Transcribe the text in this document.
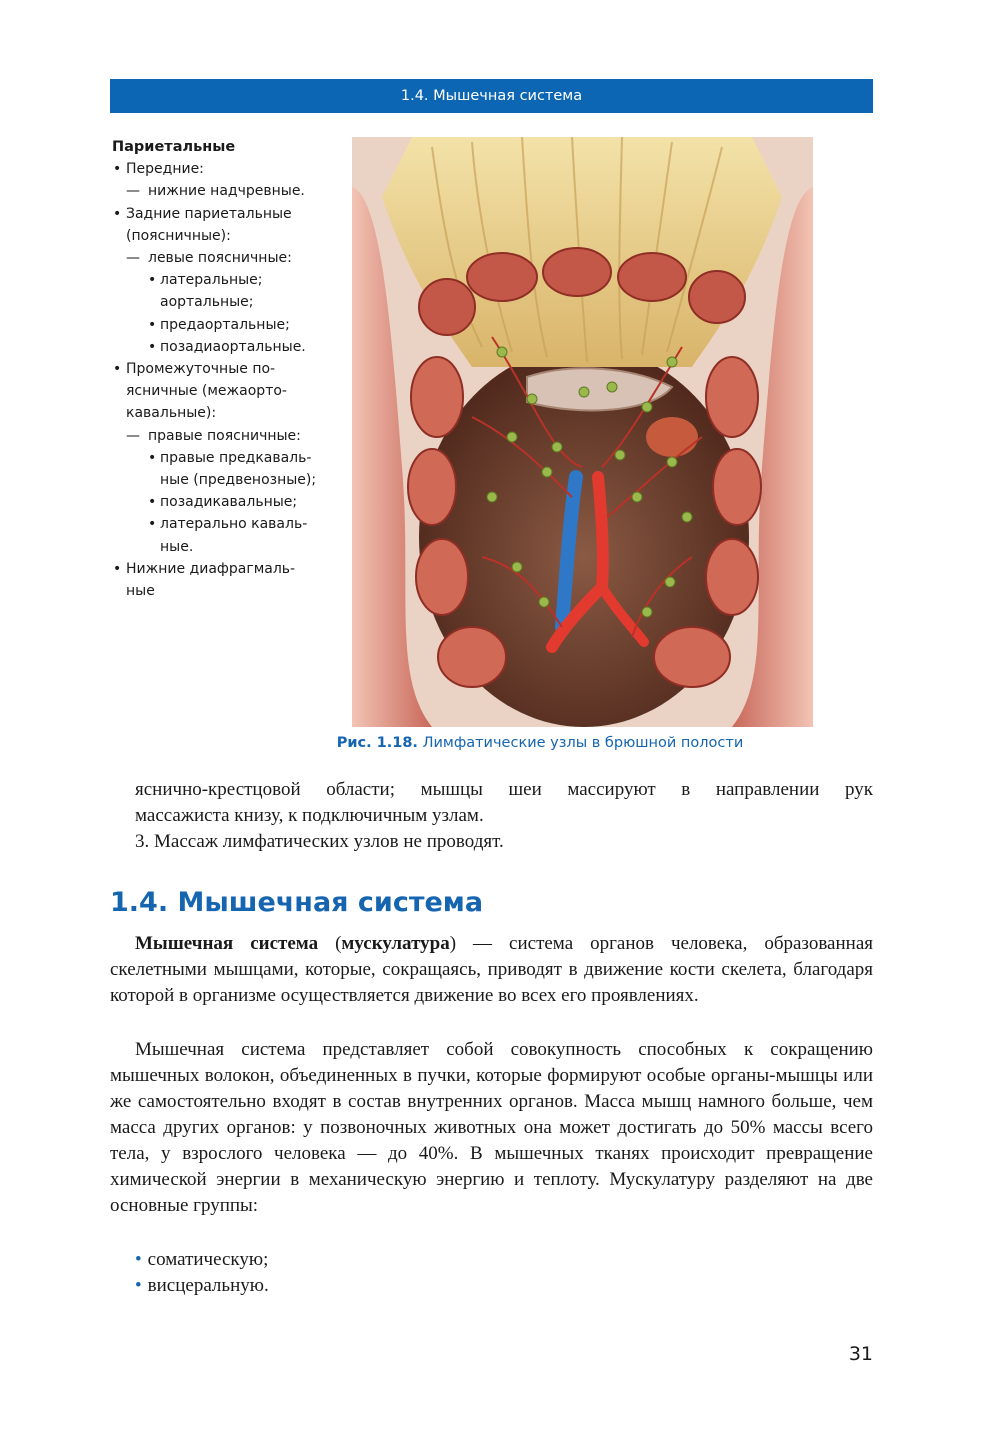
1.4. Мышечная система
Париетальные
• Передние:
— нижние надчревные.
• Задние париетальные
(поясничные):
— левые поясничные:
• латеральные;
аортальные;
• предаортальные;
• позадиаортальные.
• Промежуточные по-
ясничные (межаорто-
кавальные):
— правые поясничные:
• правые предкаваль-
ные (предвенозные);
• позадикавальные;
• латерально каваль-
ные.
• Нижние диафрагмаль-
ные
Рис. 1.18. Лимфатические узлы в брюшной полости
яснично-крестцовой области; мышцы шеи массируют в направлении рук
массажиста книзу, к подключичным узлам.
3. Массаж лимфатических узлов не проводят.
1.4. Мышечная система
Мышечная система (мускулатура) — система органов человека, образованная скелетными мышцами, которые, сокращаясь, приводят в движение кости скелета, благодаря которой в организме осуществляется движение во всех его проявлениях.
Мышечная система представляет собой совокупность способных к сокращению мышечных волокон, объединенных в пучки, которые формируют особые органы-мышцы или же самостоятельно входят в состав внутренних органов. Масса мышц намного больше, чем масса других органов: у позвоночных животных она может достигать до 50% массы всего тела, у взрослого человека — до 40%. В мышечных тканях происходит превращение химической энергии в механическую энергию и теплоту. Мускулатуру разделяют на две основные группы:
• соматическую;
• висцеральную.
31
